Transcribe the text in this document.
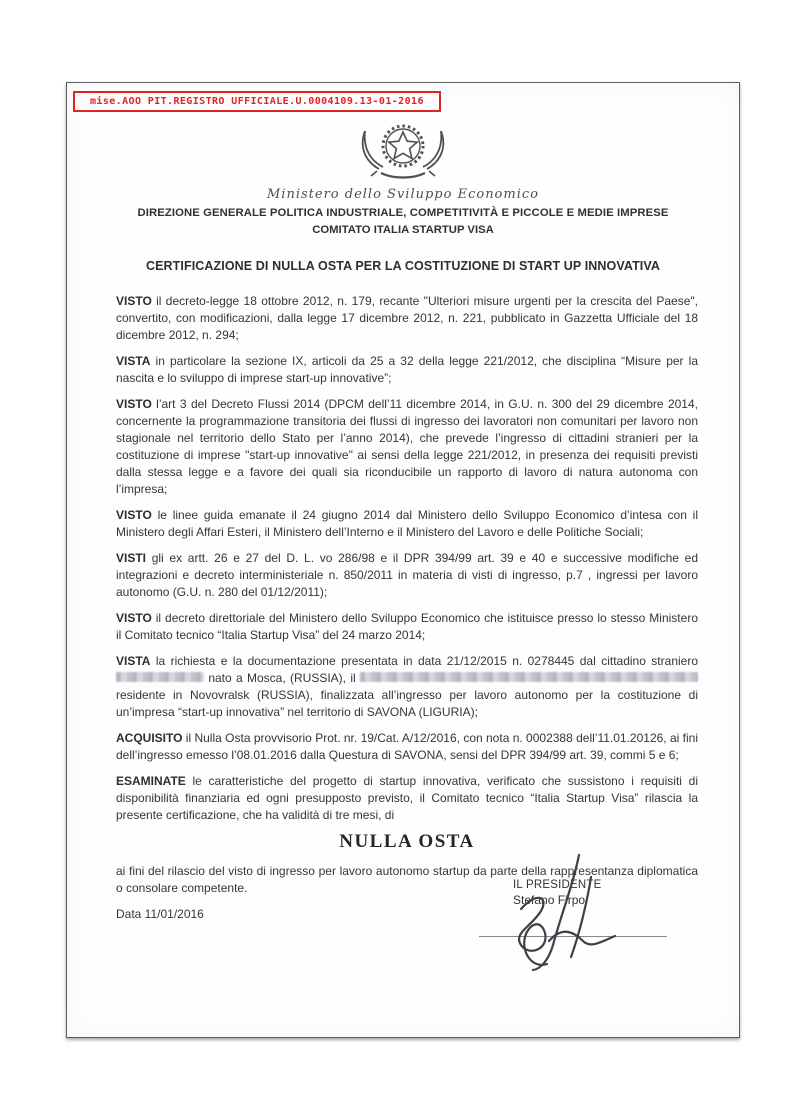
mise.AOO PIT.REGISTRO UFFICIALE.U.0004109.13-01-2016
Ministero dello Sviluppo Economico
DIREZIONE GENERALE POLITICA INDUSTRIALE, COMPETITIVITÀ E PICCOLE E MEDIE IMPRESE
COMITATO ITALIA STARTUP VISA
CERTIFICAZIONE DI NULLA OSTA PER LA COSTITUZIONE DI START UP INNOVATIVA

VISTO il decreto-legge 18 ottobre 2012, n. 179, recante "Ulteriori misure urgenti per la crescita del Paese", convertito, con modificazioni, dalla legge 17 dicembre 2012, n. 221, pubblicato in Gazzetta Ufficiale del 18 dicembre 2012, n. 294;

VISTA in particolare la sezione IX, articoli da 25 a 32 della legge 221/2012, che disciplina “Misure per la nascita e lo sviluppo di imprese start-up innovative”;

VISTO l’art 3 del Decreto Flussi 2014 (DPCM dell’11 dicembre 2014, in G.U. n. 300 del 29 dicembre 2014, concernente la programmazione transitoria dei flussi di ingresso dei lavoratori non comunitari per lavoro non stagionale nel territorio dello Stato per l’anno 2014), che prevede l’ingresso di cittadini stranieri per la costituzione di imprese "start-up innovative" ai sensi della legge 221/2012, in presenza dei requisiti previsti dalla stessa legge e a favore dei quali sia riconducibile un rapporto di lavoro di natura autonoma con l’impresa;

VISTO le linee guida emanate il 24 giugno 2014 dal Ministero dello Sviluppo Economico d’intesa con il Ministero degli Affari Esteri, il Ministero dell’Interno e il Ministero del Lavoro e delle Politiche Sociali;

VISTI gli ex artt. 26 e 27 del D. L. vo 286/98 e il DPR 394/99 art. 39 e 40 e successive modifiche ed integrazioni e decreto interministeriale n. 850/2011 in materia di visti di ingresso, p.7 , ingressi per lavoro autonomo (G.U. n. 280 del 01/12/2011);

VISTO il decreto direttoriale del Ministero dello Sviluppo Economico che istituisce presso lo stesso Ministero il Comitato tecnico “Italia Startup Visa” del 24 marzo 2014;

VISTA la richiesta e la documentazione presentata in data 21/12/2015 n. 0278445 dal cittadino straniero  nato a Mosca, (RUSSIA), il  residente in Novovralsk (RUSSIA), finalizzata all’ingresso per lavoro autonomo per la costituzione di un’impresa “start-up innovativa” nel territorio di SAVONA (LIGURIA);

ACQUISITO il Nulla Osta provvisorio Prot. nr. 19/Cat. A/12/2016, con nota n. 0002388 dell’11.01.20126, ai fini dell’ingresso emesso l’08.01.2016 dalla Questura di SAVONA, sensi del DPR 394/99 art. 39, commi 5 e 6;

ESAMINATE le caratteristiche del progetto di startup innovativa, verificato che sussistono i requisiti di disponibilità finanziaria ed ogni presupposto previsto, il Comitato tecnico “Italia Startup Visa” rilascia la presente certificazione, che ha validità di tre mesi, di

NULLA OSTA

ai fini del rilascio del visto di ingresso per lavoro autonomo startup da parte della rappresentanza diplomatica o consolare competente.

Data 11/01/2016

IL PRESIDENTE
Stefano Firpo
